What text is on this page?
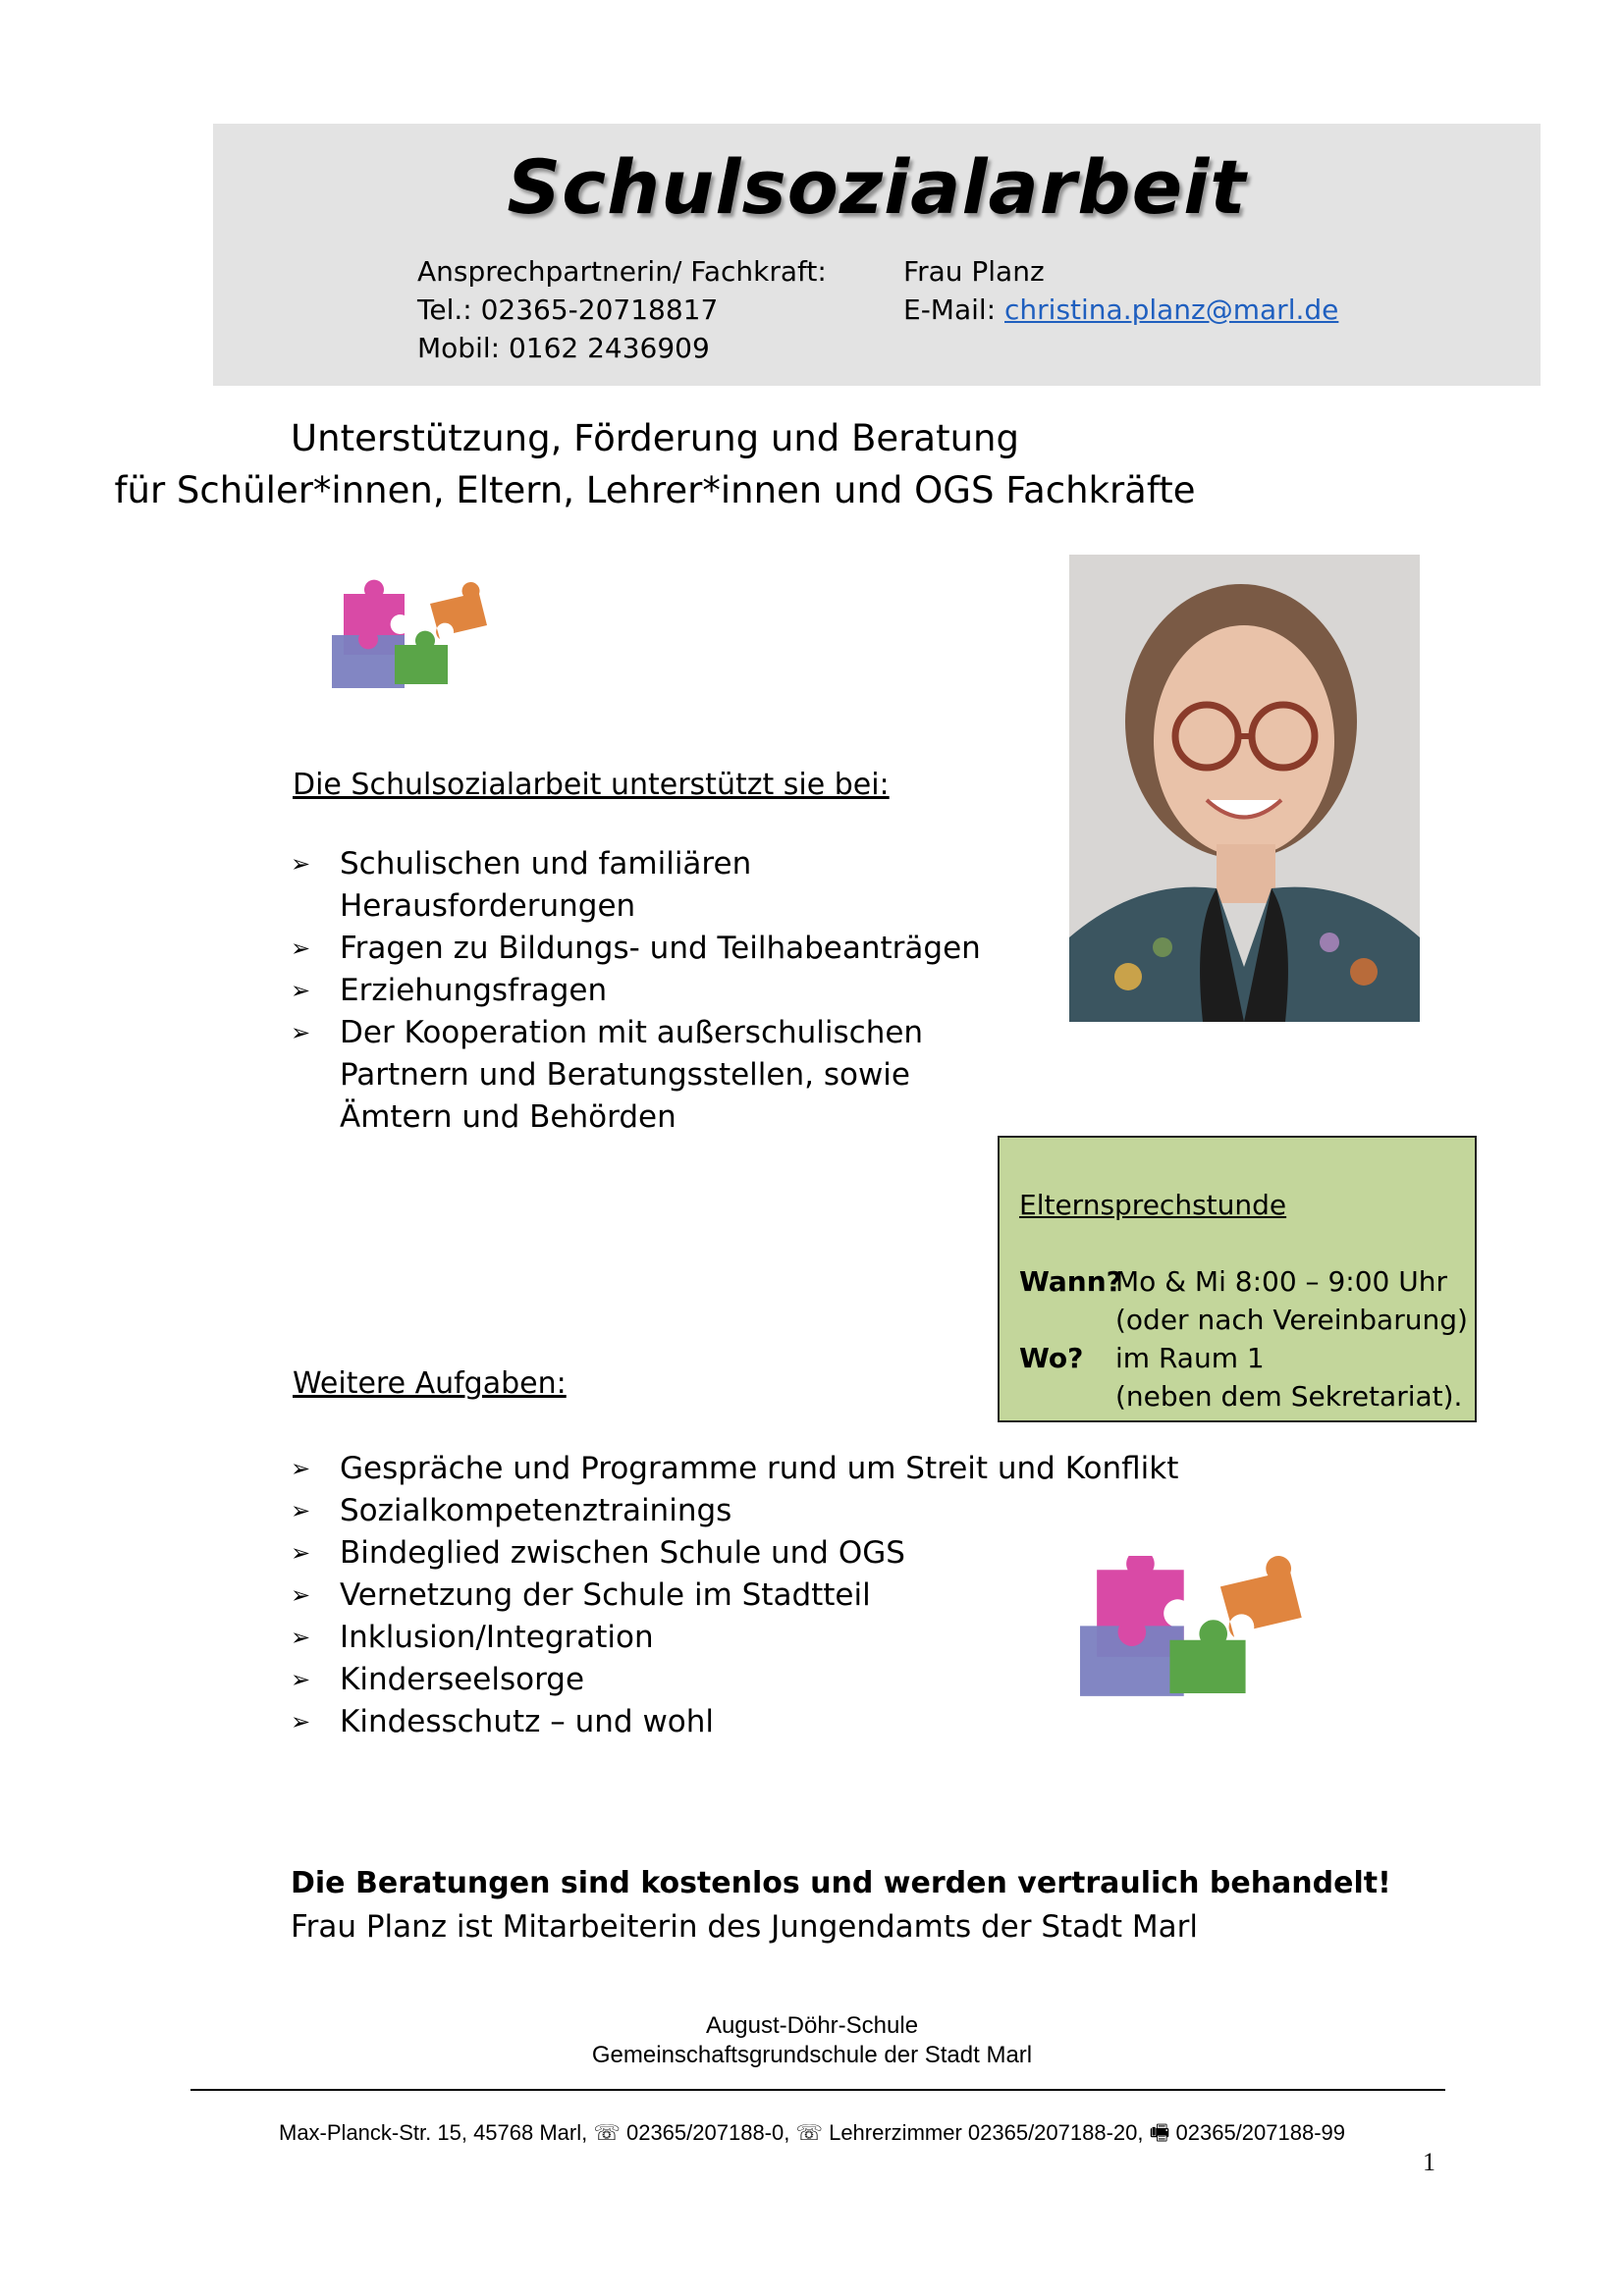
Schulsozialarbeit
Ansprechpartnerin/ Fachkraft:	Frau Planz
Tel.: 02365-20718817	E-Mail: christina.planz@marl.de
Mobil: 0162 2436909
Unterstützung, Förderung und Beratung
für Schüler*innen, Eltern, Lehrer*innen und OGS Fachkräfte
Die Schulsozialarbeit unterstützt sie bei:
➢ Schulischen und familiären
Herausforderungen
➢ Fragen zu Bildungs- und Teilhabeanträgen
➢ Erziehungsfragen
➢ Der Kooperation mit außerschulischen
Partnern und Beratungsstellen, sowie
Ämtern und Behörden
Elternsprechstunde
Wann?
Mo & Mi 8:00 – 9:00 Uhr
(oder nach Vereinbarung)
Wo? im Raum 1
(neben dem Sekretariat).
Weitere Aufgaben:
➢ Gespräche und Programme rund um Streit und Konflikt
➢ Sozialkompetenztrainings
➢ Bindeglied zwischen Schule und OGS
➢ Vernetzung der Schule im Stadtteil
➢ Inklusion/Integration
➢ Kinderseelsorge
➢ Kindesschutz – und wohl
Die Beratungen sind kostenlos und werden vertraulich behandelt!
Frau Planz ist Mitarbeiterin des Jungendamts der Stadt Marl
August-Döhr-Schule
Gemeinschaftsgrundschule der Stadt Marl
Max-Planck-Str. 15, 45768 Marl, ☏ 02365/207188-0, ☏ Lehrerzimmer 02365/207188-20, 🖷 02365/207188-99
1
